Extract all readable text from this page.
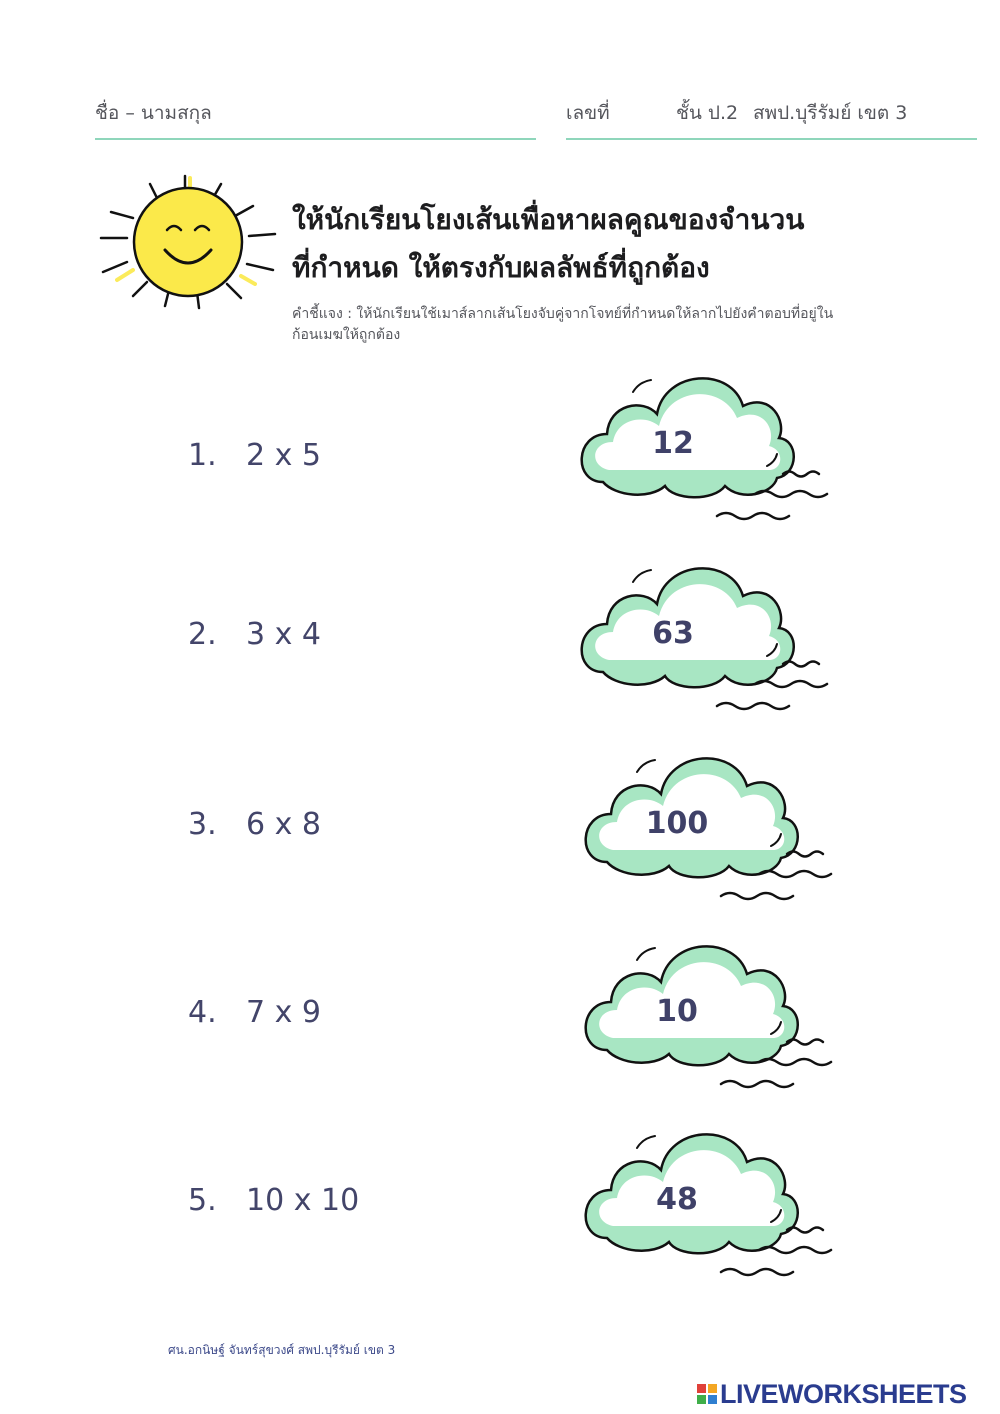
ชื่อ – นามสกุล	เลขที่	ชั้น ป.2 สพป.บุรีรัมย์ เขต 3
ให้นักเรียนโยงเส้นเพื่อหาผลคูณของจำนวน
ที่กำหนด ให้ตรงกับผลลัพธ์ที่ถูกต้อง
คำชี้แจง : ให้นักเรียนใช้เมาส์ลากเส้นโยงจับคู่จากโจทย์ที่กำหนดให้ลากไปยังคำตอบที่อยู่ใน
ก้อนเมฆให้ถูกต้อง
1. 2 x 5
2. 3 x 4
3. 6 x 8
4. 7 x 9
5. 10 x 10
12
63
100
10
48
ศน.อกนิษฐ์ จันทร์สุขวงศ์ สพป.บุรีรัมย์ เขต 3
LIVEWORKSHEETS
